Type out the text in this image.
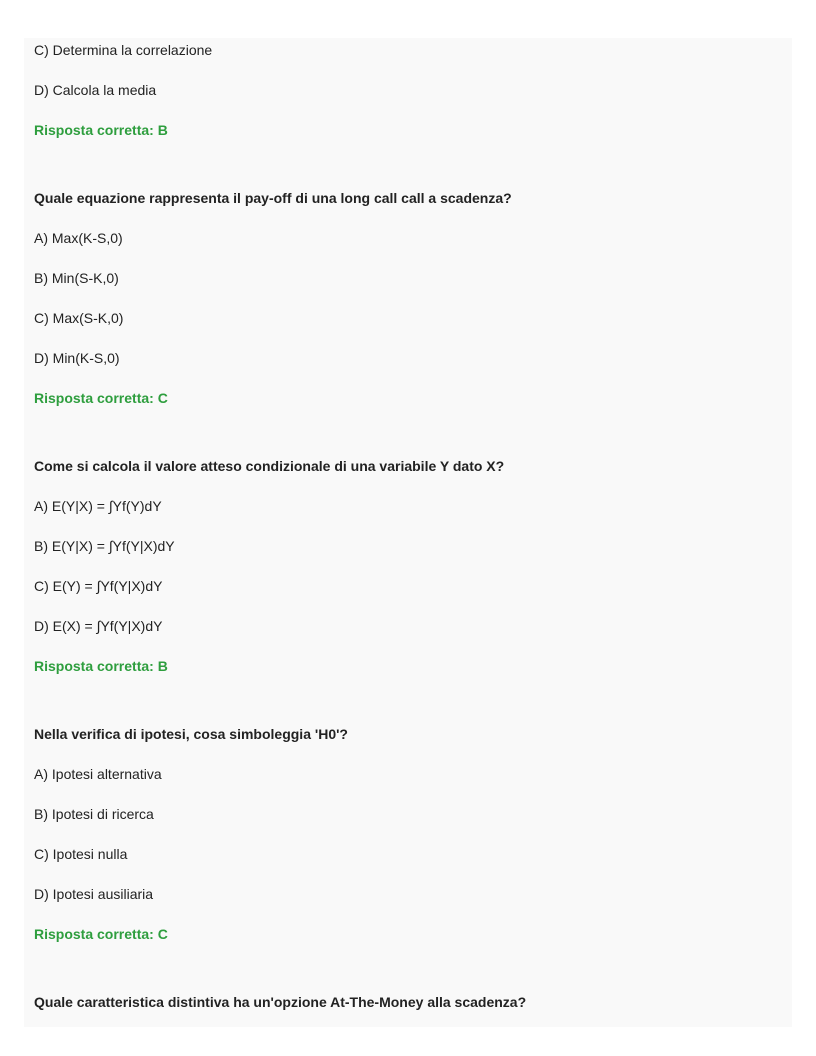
C) Determina la correlazione
D) Calcola la media
Risposta corretta: B
Quale equazione rappresenta il pay-off di una long call call a scadenza?
A) Max(K-S,0)
B) Min(S-K,0)
C) Max(S-K,0)
D) Min(K-S,0)
Risposta corretta: C
Come si calcola il valore atteso condizionale di una variabile Y dato X?
A) E(Y|X) = ∫Yf(Y)dY
B) E(Y|X) = ∫Yf(Y|X)dY
C) E(Y) = ∫Yf(Y|X)dY
D) E(X) = ∫Yf(Y|X)dY
Risposta corretta: B
Nella verifica di ipotesi, cosa simboleggia 'H0'?
A) Ipotesi alternativa
B) Ipotesi di ricerca
C) Ipotesi nulla
D) Ipotesi ausiliaria
Risposta corretta: C
Quale caratteristica distintiva ha un'opzione At-The-Money alla scadenza?
